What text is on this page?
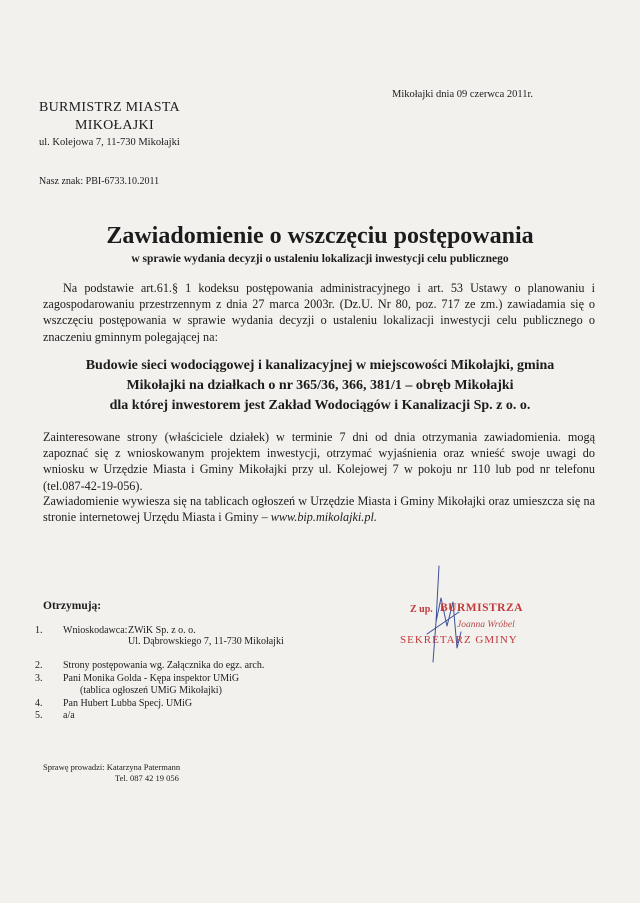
Mikołajki dnia 09 czerwca 2011r.
BURMISTRZ MIASTA
MIKOŁAJKI
ul. Kolejowa 7, 11-730 Mikołajki
Nasz znak: PBI-6733.10.2011
Zawiadomienie o wszczęciu postępowania
w sprawie wydania decyzji o ustaleniu lokalizacji inwestycji celu publicznego
Na podstawie art.61.§ 1 kodeksu postępowania administracyjnego i art. 53 Ustawy o planowaniu i zagospodarowaniu przestrzennym z dnia 27 marca 2003r. (Dz.U. Nr 80, poz. 717 ze zm.) zawiadamia się o wszczęciu postępowania w sprawie wydania decyzji o ustaleniu lokalizacji inwestycji celu publicznego o znaczeniu gminnym polegającej na:
Budowie sieci wodociągowej i kanalizacyjnej w miejscowości Mikołajki, gmina
Mikołajki na działkach o nr 365/36, 366, 381/1 – obręb Mikołajki
dla której inwestorem jest Zakład Wodociągów i Kanalizacji Sp. z o. o.
Zainteresowane strony (właściciele działek) w terminie 7 dni od dnia otrzymania zawiadomienia. mogą zapoznać się z wnioskowanym projektem inwestycji, otrzymać wyjaśnienia oraz wnieść swoje uwagi do wniosku w Urzędzie Miasta i Gminy Mikołajki przy ul. Kolejowej 7 w pokoju nr 110 lub pod nr telefonu (tel.087-42-19-056).
Zawiadomienie wywiesza się na tablicach ogłoszeń w Urzędzie Miasta i Gminy Mikołajki oraz umieszcza się na stronie internetowej Urzędu Miasta i Gminy – www.bip.mikolajki.pl.
Z up. BURMISTRZA
Joanna Wróbel
SEKRETARZ GMINY
Otrzymują:
1. Wnioskodawca: ZWiK Sp. z o. o.
Ul. Dąbrowskiego 7, 11-730 Mikołajki
2. Strony postępowania wg. Załącznika do egz. arch.
3. Pani Monika Golda - Kępa inspektor UMiG
(tablica ogłoszeń UMiG Mikołajki)
4. Pan Hubert Lubba Specj. UMiG
5. a/a
Sprawę prowadzi: Katarzyna Patermann
Tel. 087 42 19 056
